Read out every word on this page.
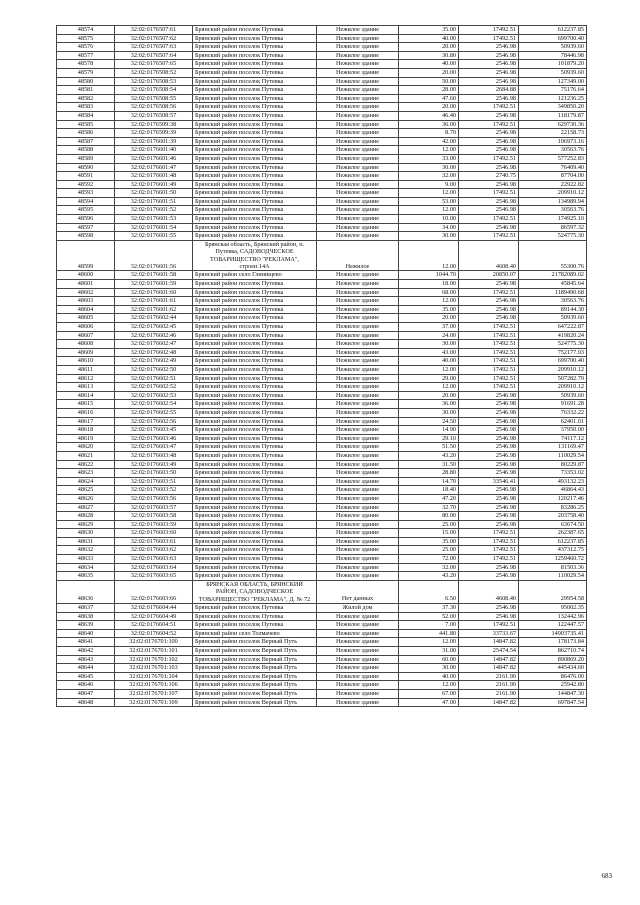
48574	32:02:0176507:61	Брянский район поселок Путевка	Нежилое здание	35.00	17492.51	612237.85
48575	32:02:0176507:62	Брянский район поселок Путевка	Нежилое здание	40.00	17492.51	699700.40
48576	32:02:0176507:63	Брянский район поселок Путевка	Нежилое здание	20.00	2546.98	50939.60
48577	32:02:0176507:64	Брянский район поселок Путевка	Нежилое здание	30.80	2546.98	78446.98
48578	32:02:0176507:65	Брянский район поселок Путевка	Нежилое здание	40.00	2546.98	101879.20
48579	32:02:0176508:52	Брянский район поселок Путевка	Нежилое здание	20.00	2546.98	50939.60
48580	32:02:0176508:53	Брянский район поселок Путевка	Нежилое здание	50.00	2546.98	127349.00
48581	32:02:0176508:54	Брянский район поселок Путевка	Нежилое здание	28.00	2684.88	75176.64
48582	32:02:0176508:55	Брянский район поселок Путевка	Нежилое здание	47.60	2546.98	121236.25
48583	32:02:0176508:56	Брянский район поселок Путевка	Нежилое здание	20.00	17492.51	349850.20
48584	32:02:0176508:57	Брянский район поселок Путевка	Нежилое здание	46.40	2546.98	118179.87
48585	32:02:0176509:38	Брянский район поселок Путевка	Нежилое здание	36.00	17492.51	629730.36
48586	32:02:0176509:39	Брянский район поселок Путевка	Нежилое здание	8.70	2546.98	22158.73
48587	32:02:0176601:39	Брянский район поселок Путевка	Нежилое здание	42.00	2546.98	106973.16
48588	32:02:0176601:40	Брянский район поселок Путевка	Нежилое здание	12.00	2546.98	30563.76
48589	32:02:0176601:46	Брянский район поселок Путевка	Нежилое здание	33.00	17492.51	577252.83
48590	32:02:0176601:47	Брянский район поселок Путевка	Нежилое здание	30.00	2546.98	76409.40
48591	32:02:0176601:48	Брянский район поселок Путевка	Нежилое здание	32.00	2740.75	87704.00
48592	32:02:0176601:49	Брянский район поселок Путевка	Нежилое здание	9.00	2546.98	22922.82
48593	32:02:0176601:50	Брянский район поселок Путевка	Нежилое здание	12.00	17492.51	209910.12
48594	32:02:0176601:51	Брянский район поселок Путевка	Нежилое здание	53.00	2546.98	134989.94
48595	32:02:0176601:52	Брянский район поселок Путевка	Нежилое здание	12.00	2546.98	30563.76
48596	32:02:0176601:53	Брянский район поселок Путевка	Нежилое здание	10.00	17492.51	174925.10
48597	32:02:0176601:54	Брянский район поселок Путевка	Нежилое здание	34.00	2546.98	86597.32
48598	32:02:0176601:55	Брянский район поселок Путевка	Нежилое здание	30.00	17492.51	524775.30
48599	32:02:0176601:56	Брянская область, Брянский район, п. Путевка, САДОВОДЧЕСКОЕ ТОВАРИЩЕСТВО "РЕКЛАМА", строен.14А	Нежилое	12.00	4608.40	55300.76
48600	32:02:0176601:58	Брянский район село Глинищево	Нежилое здание	1044.70	20850.07	21782089.02
48601	32:02:0176601:59	Брянский район поселок Путевка	Нежилое здание	18.00	2546.98	45845.64
48602	32:02:0176601:60	Брянский район поселок Путевка	Нежилое здание	68.00	17492.51	1189490.68
48603	32:02:0176601:61	Брянский район поселок Путевка	Нежилое здание	12.00	2546.98	30563.76
48604	32:02:0176601:62	Брянский район поселок Путевка	Нежилое здание	35.00	2546.98	89144.30
48605	32:02:0176602:44	Брянский район поселок Путевка	Нежилое здание	20.00	2546.98	50939.60
48606	32:02:0176602:45	Брянский район поселок Путевка	Нежилое здание	37.00	17492.51	647222.87
48607	32:02:0176602:46	Брянский район поселок Путевка	Нежилое здание	24.00	17492.51	419820.24
48608	32:02:0176602:47	Брянский район поселок Путевка	Нежилое здание	30.00	17492.51	524775.30
48609	32:02:0176602:48	Брянский район поселок Путевка	Нежилое здание	43.00	17492.51	752177.93
48610	32:02:0176602:49	Брянский район поселок Путевка	Нежилое здание	40.00	17492.51	699700.40
48611	32:02:0176602:50	Брянский район поселок Путевка	Нежилое здание	12.00	17492.51	209910.12
48612	32:02:0176602:51	Брянский район поселок Путевка	Нежилое здание	29.00	17492.51	507282.79
48613	32:02:0176602:52	Брянский район поселок Путевка	Нежилое здание	12.00	17492.51	209910.12
48614	32:02:0176602:53	Брянский район поселок Путевка	Нежилое здание	20.00	2546.98	50939.60
48615	32:02:0176602:54	Брянский район поселок Путевка	Нежилое здание	36.00	2546.98	91691.28
48616	32:02:0176602:55	Брянский район поселок Путевка	Нежилое здание	30.00	2546.98	76332.22
48617	32:02:0176602:56	Брянский район поселок Путевка	Нежилое здание	24.50	2546.98	62401.01
48618	32:02:0176603:45	Брянский район поселок Путевка	Нежилое здание	14.90	2546.98	37950.00
48619	32:02:0176603:46	Брянский район поселок Путевка	Нежилое здание	29.10	2546.98	74117.12
48620	32:02:0176603:47	Брянский район поселок Путевка	Нежилое здание	51.50	2546.98	131169.47
48621	32:02:0176603:48	Брянский район поселок Путевка	Нежилое здание	43.20	2546.98	110029.54
48622	32:02:0176603:49	Брянский район поселок Путевка	Нежилое здание	31.50	2546.98	80229.87
48623	32:02:0176603:50	Брянский район поселок Путевка	Нежилое здание	28.80	2546.98	73353.02
48624	32:02:0176603:51	Брянский район поселок Путевка	Нежилое здание	14.70	33546.41	493132.23
48625	32:02:0176603:52	Брянский район поселок Путевка	Нежилое здание	18.40	2546.98	46864.43
48626	32:02:0176603:56	Брянский район поселок Путевка	Нежилое здание	47.20	2546.98	120217.46
48627	32:02:0176603:57	Брянский район поселок Путевка	Нежилое здание	32.70	2546.98	83286.25
48628	32:02:0176603:58	Брянский район поселок Путевка	Нежилое здание	80.00	2546.98	203758.40
48629	32:02:0176603:59	Брянский район поселок Путевка	Нежилое здание	25.00	2546.98	63674.50
48630	32:02:0176603:60	Брянский район поселок Путевка	Нежилое здание	15.00	17492.51	262387.65
48631	32:02:0176603:61	Брянский район поселок Путевка	Нежилое здание	35.00	17492.51	612237.85
48632	32:02:0176603:62	Брянский район поселок Путевка	Нежилое здание	25.00	17492.51	437312.75
48633	32:02:0176603:63	Брянский район поселок Путевка	Нежилое здание	72.00	17492.51	1259460.72
48634	32:02:0176603:64	Брянский район поселок Путевка	Нежилое здание	32.00	2546.98	81503.36
48635	32:02:0176603:65	Брянский район поселок Путевка	Нежилое здание	43.20	2546.98	110029.54
48636	32:02:0176603:66	БРЯНСКАЯ ОБЛАСТЬ, БРЯНСКИЙ РАЙОН, САДОВОДЧЕСКОЕ ТОВАРИЩЕСТВО "РЕКЛАМА", Д. № 72	Нет данных	6.50	4608.40	29954.58
48637	32:02:0176604:44	Брянский район поселок Путевка	Жилой дом	37.30	2546.98	95002.35
48638	32:02:0176604:49	Брянский район поселок Путевка	Нежилое здание	52.00	2546.98	132442.96
48639	32:02:0176604:51	Брянский район поселок Путевка	Нежилое здание	7.00	17492.51	122447.57
48640	32:02:0176604:52	Брянский район село Толмачево	Нежилое здание	441.80	33733.67	14903735.41
48641	32:02:0176701:100	Брянский район поселок Верный Путь	Нежилое здание	12.00	14847.82	178173.84
48642	32:02:0176701:101	Брянский район поселок Верный Путь	Нежилое здание	31.00	25474.54	862710.74
48643	32:02:0176701:102	Брянский район поселок Верный Путь	Нежилое здание	60.00	14847.82	890869.20
48644	32:02:0176701:103	Брянский район поселок Верный Путь	Нежилое здание	30.00	14847.82	445434.60
48645	32:02:0176701:104	Брянский район поселок Верный Путь	Нежилое здание	40.00	2161.90	86476.00
48646	32:02:0176701:106	Брянский район поселок Верный Путь	Нежилое здание	12.00	2161.90	25942.80
48647	32:02:0176701:107	Брянский район поселок Верный Путь	Нежилое здание	67.00	2161.90	144847.30
48648	32:02:0176701:109	Брянский район поселок Верный Путь	Нежилое здание	47.00	14847.82	697847.54
683
